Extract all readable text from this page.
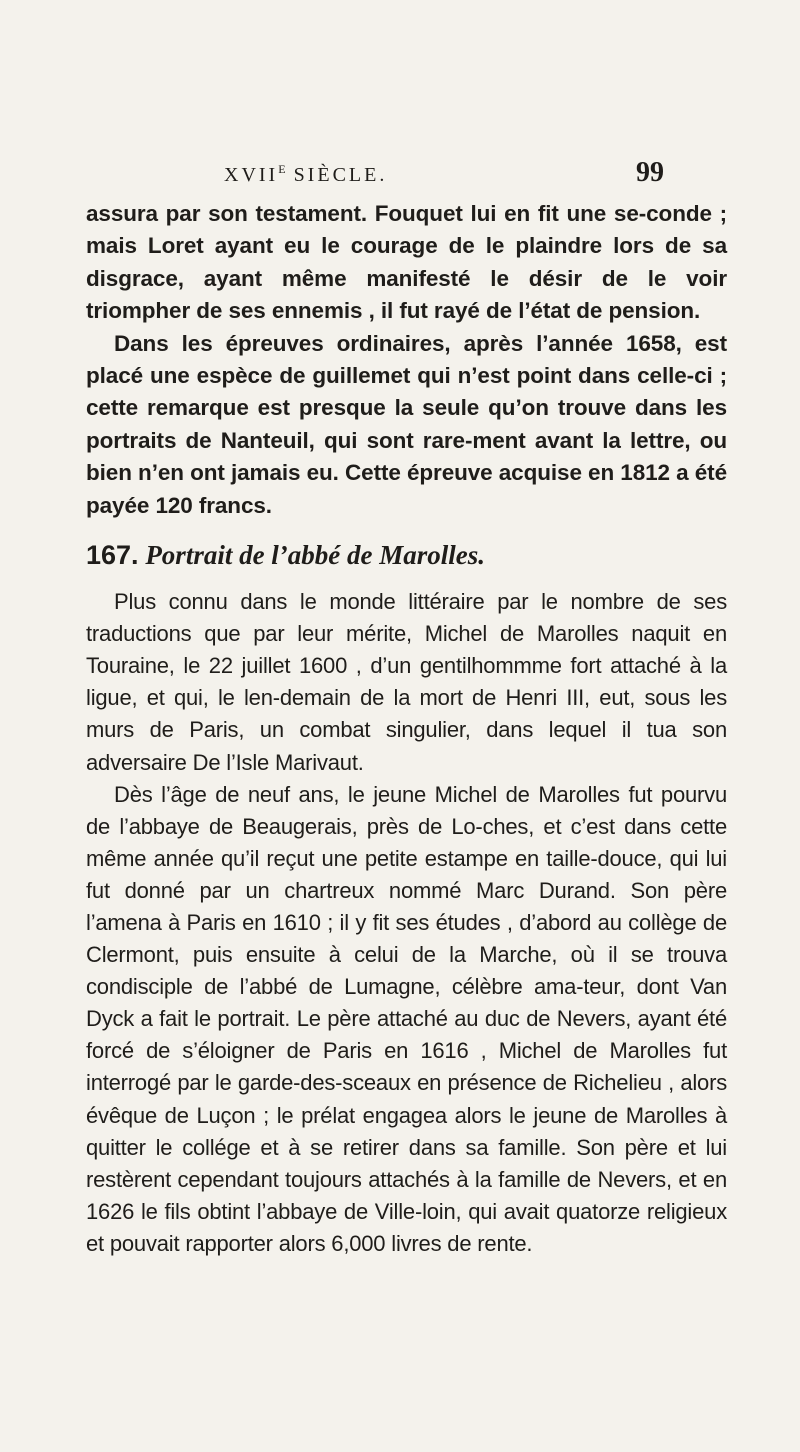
$XVII^E$ SIÈCLE.	99

assura par son testament. Fouquet lui en fit une se-conde ; mais Loret ayant eu le courage de le plaindre lors de sa disgrace, ayant même manifesté le désir de le voir triompher de ses ennemis , il fut rayé de l’état de pension.

Dans les épreuves ordinaires, après l’année 1658, est placé une espèce de guillemet qui n’est point dans celle-ci ; cette remarque est presque la seule qu’on trouve dans les portraits de Nanteuil, qui sont rare-ment avant la lettre, ou bien n’en ont jamais eu. Cette épreuve acquise en 1812 a été payée 120 francs.

167. Portrait de l’abbé de Marolles.

Plus connu dans le monde littéraire par le nombre de ses traductions que par leur mérite, Michel de Marolles naquit en Touraine, le 22 juillet 1600 , d’un gentilhommme fort attaché à la ligue, et qui, le len-demain de la mort de Henri III, eut, sous les murs de Paris, un combat singulier, dans lequel il tua son adversaire De l’Isle Marivaut.

Dès l’âge de neuf ans, le jeune Michel de Marolles fut pourvu de l’abbaye de Beaugerais, près de Lo-ches, et c’est dans cette même année qu’il reçut une petite estampe en taille-douce, qui lui fut donné par un chartreux nommé Marc Durand. Son père l’amena à Paris en 1610 ; il y fit ses études , d’abord au collège de Clermont, puis ensuite à celui de la Marche, où il se trouva condisciple de l’abbé de Lumagne, célèbre ama-teur, dont Van Dyck a fait le portrait. Le père attaché au duc de Nevers, ayant été forcé de s’éloigner de Paris en 1616 , Michel de Marolles fut interrogé par le garde-des-sceaux en présence de Richelieu , alors évêque de Luçon ; le prélat engagea alors le jeune de Marolles à quitter le collége et à se retirer dans sa famille. Son père et lui restèrent cependant toujours attachés à la famille de Nevers, et en 1626 le fils obtint l’abbaye de Ville-loin, qui avait quatorze religieux et pouvait rapporter alors 6,000 livres de rente.
